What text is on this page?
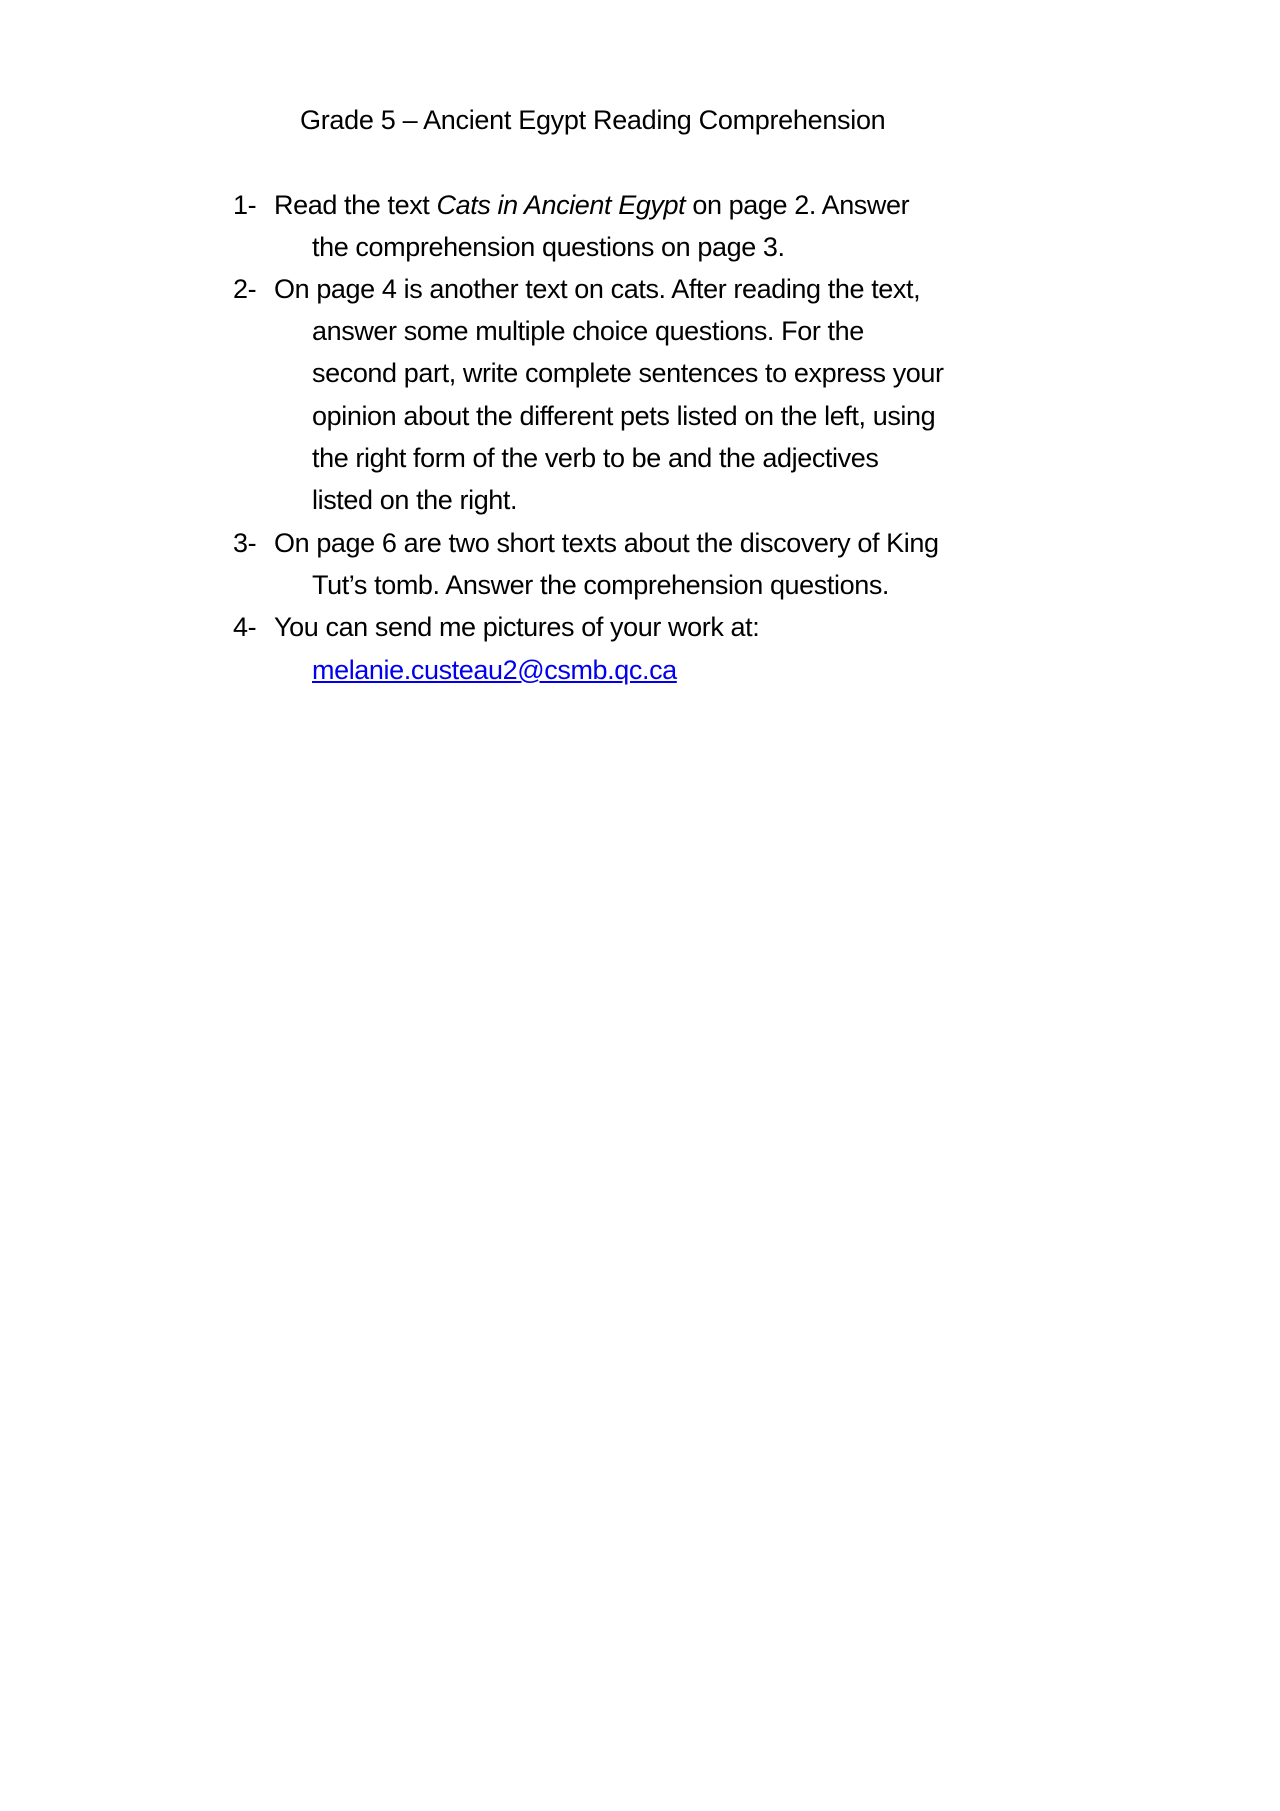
Grade 5 – Ancient Egypt Reading Comprehension
1- Read the text Cats in Ancient Egypt on page 2. Answer
the comprehension questions on page 3.
2- On page 4 is another text on cats. After reading the text,
answer some multiple choice questions. For the
second part, write complete sentences to express your
opinion about the different pets listed on the left, using
the right form of the verb to be and the adjectives
listed on the right.
3- On page 6 are two short texts about the discovery of King
Tut’s tomb. Answer the comprehension questions.
4- You can send me pictures of your work at:
melanie.custeau2@csmb.qc.ca
